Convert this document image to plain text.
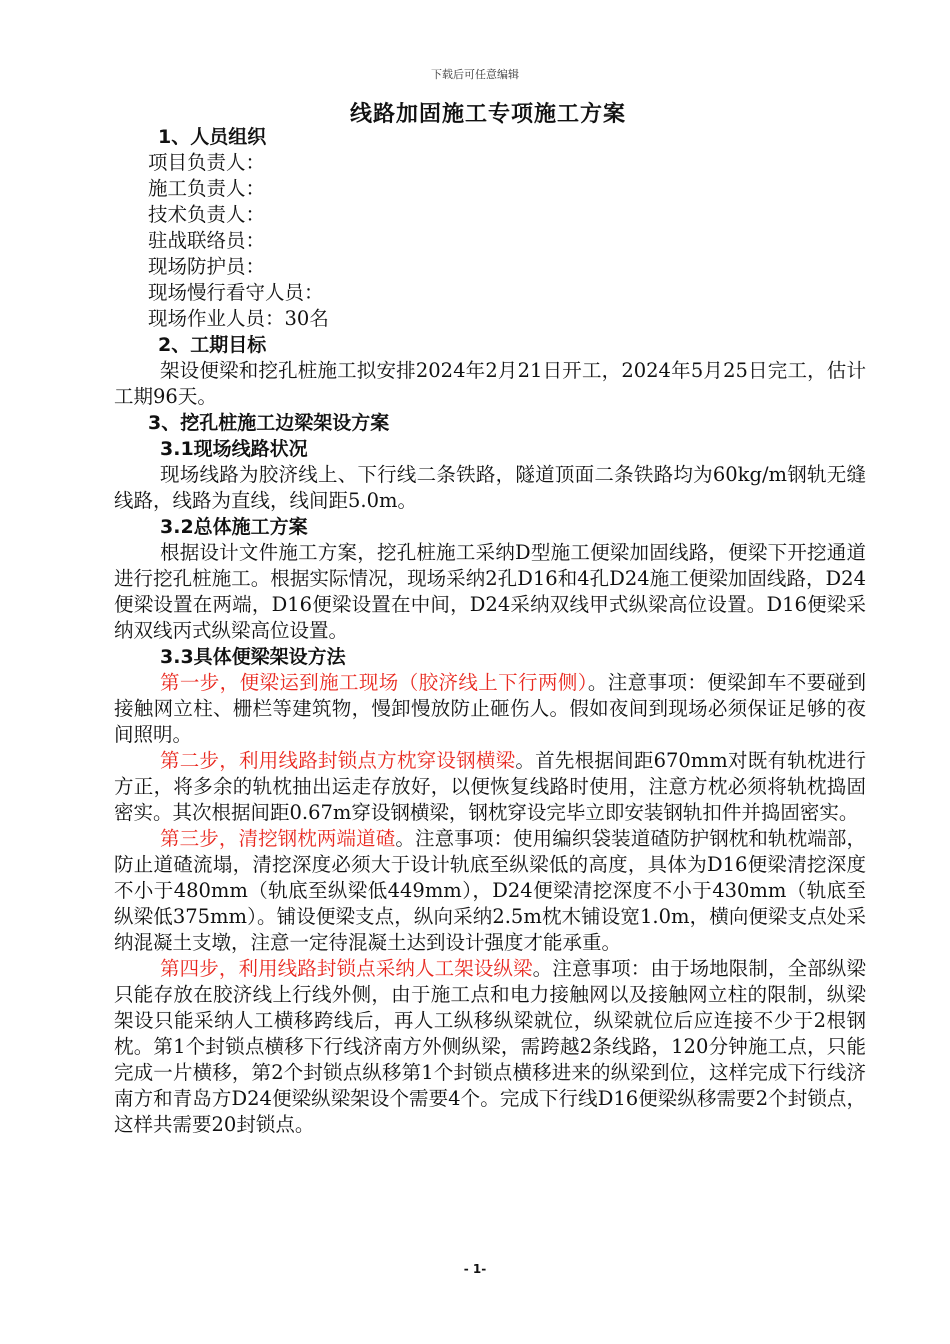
下载后可任意编辑
线路加固施工专项施工方案
1、人员组织
项目负责人：
施工负责人：
技术负责人：
驻战联络员：
现场防护员：
现场慢行看守人员：
现场作业人员：30名
2、工期目标
架设便梁和挖孔桩施工拟安排2024年2月21日开工，2024年5月25日完工，估计工期96天。
3、挖孔桩施工边梁架设方案
3.1现场线路状况
现场线路为胶济线上、下行线二条铁路，隧道顶面二条铁路均为60kg/m钢轨无缝线路，线路为直线，线间距5.0m。
3.2总体施工方案
根据设计文件施工方案，挖孔桩施工采纳D型施工便梁加固线路，便梁下开挖通道进行挖孔桩施工。根据实际情况，现场采纳2孔D16和4孔D24施工便梁加固线路，D24便梁设置在两端，D16便梁设置在中间，D24采纳双线甲式纵梁高位设置。D16便梁采纳双线丙式纵梁高位设置。
3.3具体便梁架设方法
第一步，便梁运到施工现场（胶济线上下行两侧）。注意事项：便梁卸车不要碰到接触网立柱、栅栏等建筑物，慢卸慢放防止砸伤人。假如夜间到现场必须保证足够的夜间照明。
第二步，利用线路封锁点方枕穿设钢横梁。首先根据间距670mm对既有轨枕进行方正，将多余的轨枕抽出运走存放好，以便恢复线路时使用，注意方枕必须将轨枕捣固密实。其次根据间距0.67m穿设钢横梁，钢枕穿设完毕立即安装钢轨扣件并捣固密实。
第三步，清挖钢枕两端道碴。注意事项：使用编织袋装道碴防护钢枕和轨枕端部，防止道碴流塌，清挖深度必须大于设计轨底至纵梁低的高度，具体为D16便梁清挖深度不小于480mm（轨底至纵梁低449mm），D24便梁清挖深度不小于430mm（轨底至纵梁低375mm）。铺设便梁支点，纵向采纳2.5m枕木铺设宽1.0m，横向便梁支点处采纳混凝土支墩，注意一定待混凝土达到设计强度才能承重。
第四步，利用线路封锁点采纳人工架设纵梁。注意事项：由于场地限制，全部纵梁只能存放在胶济线上行线外侧，由于施工点和电力接触网以及接触网立柱的限制，纵梁架设只能采纳人工横移跨线后，再人工纵移纵梁就位，纵梁就位后应连接不少于2根钢枕。第1个封锁点横移下行线济南方外侧纵梁，需跨越2条线路，120分钟施工点，只能完成一片横移，第2个封锁点纵移第1个封锁点横移进来的纵梁到位，这样完成下行线济南方和青岛方D24便梁纵梁架设个需要4个。完成下行线D16便梁纵移需要2个封锁点，这样共需要20封锁点。
- 1-
